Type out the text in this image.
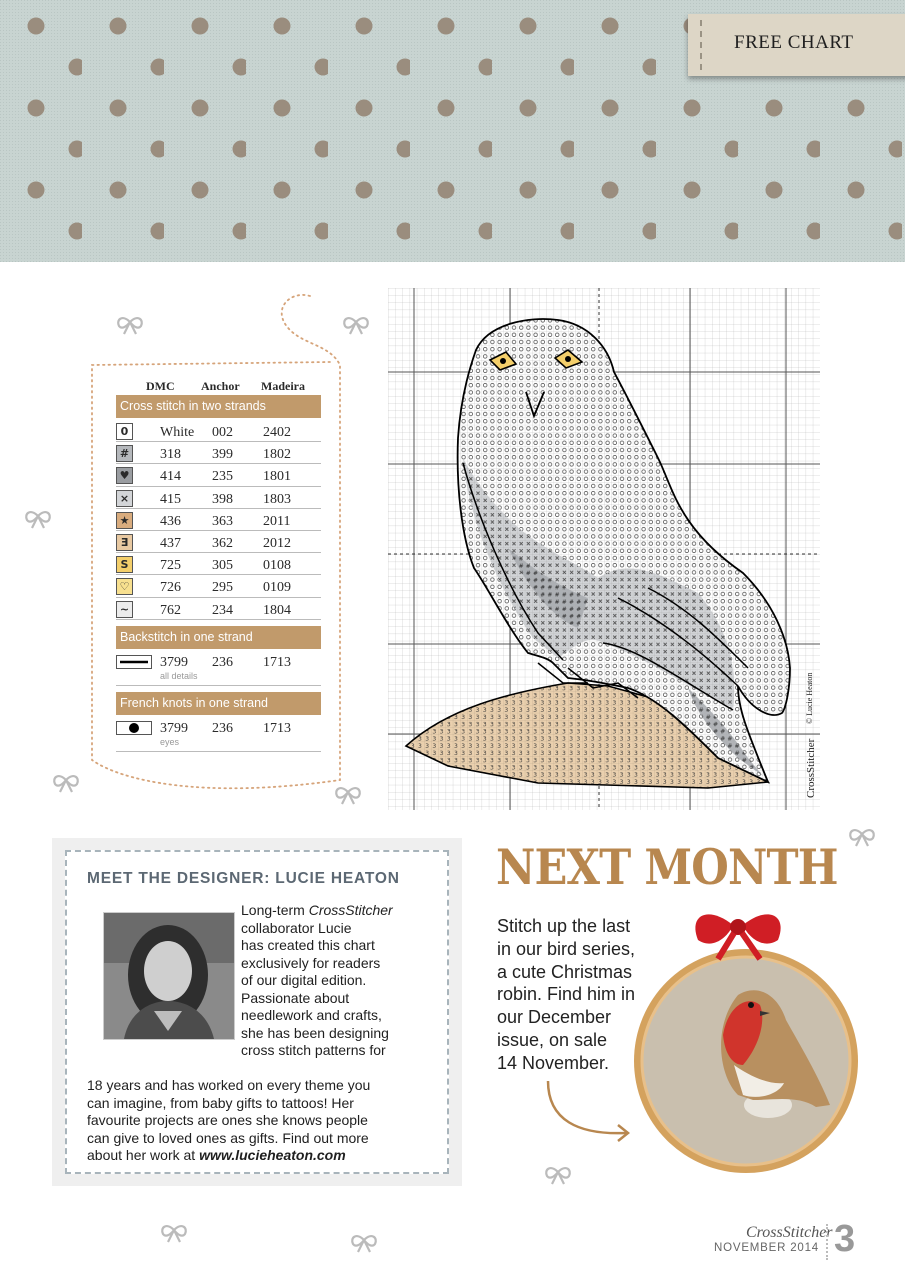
FREE CHART
DMC Anchor Madeira
Cross stitch in two strands
0	White 002 2402
# 318 399 1802
♥ 414 235 1801
× 415 398 1803
★ 436 363 2011
Ǝ	437 362 2012
S	725 305 0108
♡ 726 295 0109
~ 762 234 1804
Backstitch in one strand
3799 236 1713
all details
French knots in one strand
3799 236 1713
eyes	CrossStitcher
© Lucie Heaton
MEET THE DESIGNER: LUCIE HEATON
Long-term CrossStitcher
collaborator Lucie
has created this chart
exclusively for readers
of our digital edition.
Passionate about
needlework and crafts,
she has been designing
cross stitch patterns for
18 years and has worked on every theme you
can imagine, from baby gifts to tattoos! Her
favourite projects are ones she knows people
can give to loved ones as gifts. Find out more
about her work at www.lucieheaton.com
NEXT MONTH
Stitch up the last
in our bird series,
a cute Christmas
robin. Find him in
our December
issue, on sale
14 November.
CrossStitcher
NOVEMBER 2014 3
